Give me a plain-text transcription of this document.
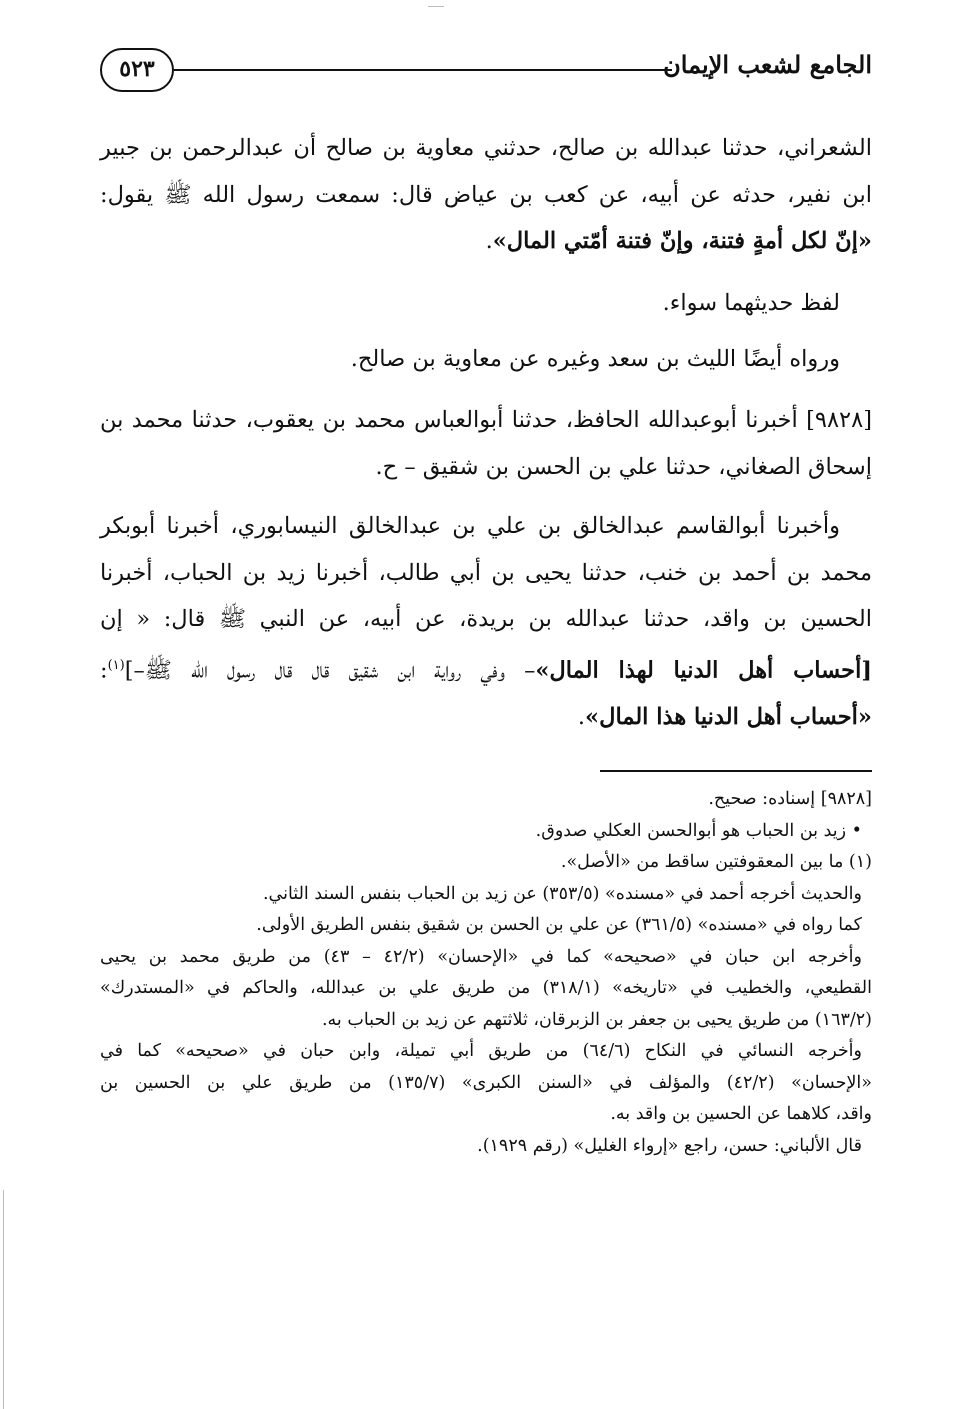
٥٢٣	الجامع لشعب الإيمان
الشعراني، حدثنا عبدالله بن صالح، حدثني معاوية بن صالح أن عبدالرحمن بن جبير
ابن نفير، حدثه عن أبيه، عن كعب بن عياض قال: سمعت رسول الله ﷺ يقول:
«إنّ لكل أمةٍ فتنة، وإنّ فتنة أمّتي المال».
لفظ حديثهما سواء.
ورواه أيضًا الليث بن سعد وغيره عن معاوية بن صالح.
[٩٨٢٨] أخبرنا أبوعبدالله الحافظ، حدثنا أبوالعباس محمد بن يعقوب، حدثنا محمد بن
إسحاق الصغاني، حدثنا علي بن الحسن بن شقيق – ح.
وأخبرنا أبوالقاسم عبدالخالق بن علي بن عبدالخالق النيسابوري، أخبرنا أبوبكر
محمد بن أحمد بن خنب، حدثنا يحيى بن أبي طالب، أخبرنا زيد بن الحباب، أخبرنا
الحسين بن واقد، حدثنا عبدالله بن بريدة، عن أبيه، عن النبي ﷺ قال: « إن
[أحساب أهل الدنيا لهذا المال»– وفي رواية ابن شقيق قال قال رسول الله ﷺ–]$^{(١)}$:
«أحساب أهل الدنيا هذا المال».
[٩٨٢٨] إسناده: صحيح.
• زيد بن الحباب هو أبوالحسن العكلي صدوق.
(١) ما بين المعقوفتين ساقط من «الأصل».
والحديث أخرجه أحمد في «مسنده» (٣٥٣/٥) عن زيد بن الحباب بنفس السند الثاني.
كما رواه في «مسنده» (٣٦١/٥) عن علي بن الحسن بن شقيق بنفس الطريق الأولى.
وأخرجه ابن حبان في «صحيحه» كما في «الإحسان» (٤٢/٢ – ٤٣) من طريق محمد بن يحيى
القطيعي، والخطيب في «تاريخه» (٣١٨/١) من طريق علي بن عبدالله، والحاكم في «المستدرك»
(١٦٣/٢) من طريق يحيى بن جعفر بن الزبرقان، ثلاثتهم عن زيد بن الحباب به.
وأخرجه النسائي في النكاح (٦٤/٦) من طريق أبي تميلة، وابن حبان في «صحيحه» كما في
«الإحسان» (٤٢/٢) والمؤلف في «السنن الكبرى» (١٣٥/٧) من طريق علي بن الحسين بن
واقد، كلاهما عن الحسين بن واقد به.
قال الألباني: حسن، راجع «إرواء الغليل» (رقم ١٩٢٩).
